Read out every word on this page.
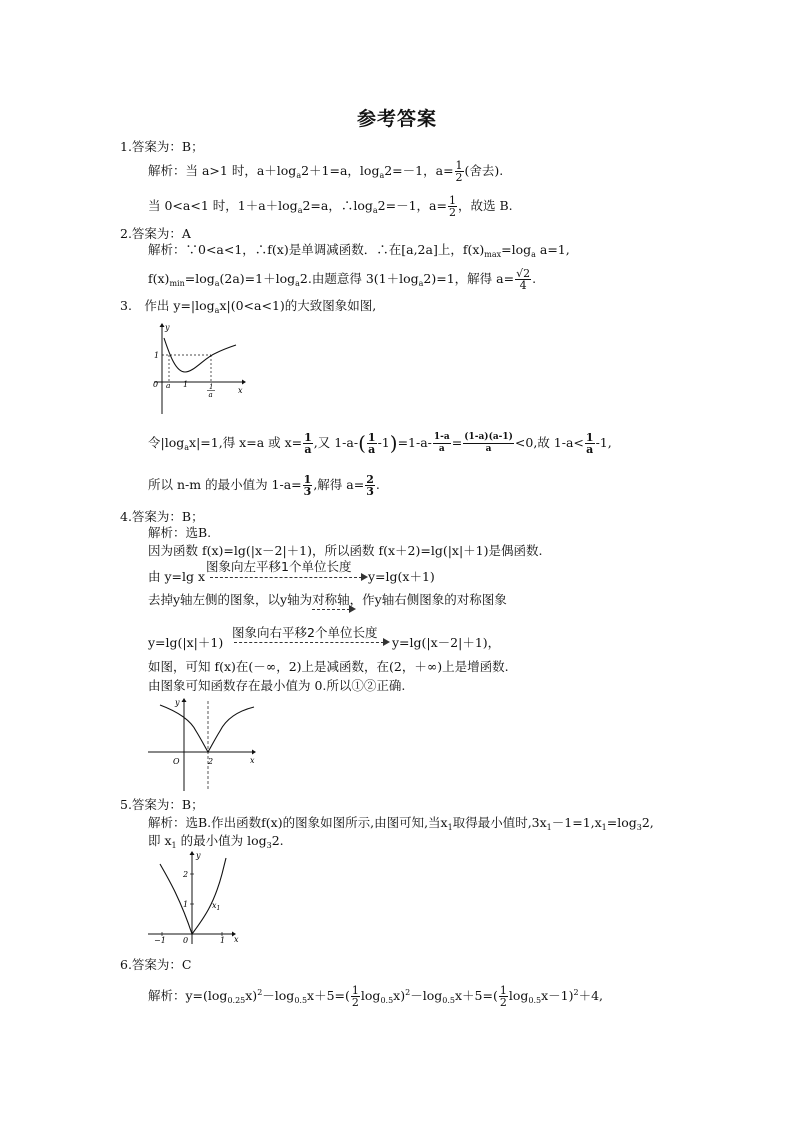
参考答案
1.答案为：B；
解析：当 a>1 时，$a+\log_a2+1=a$，$\log_a2=-1$，$a= \frac{1}{2}$ (舍去).
当 0<a<1 时，$1+a+\log_a2=a$，$\therefore\log_a2=-1$，$a= \frac{1}{2}$ ，故选 B.
2.答案为：A
解析：∵0<a<1，∴f(x)是单调减函数．∴在[a,2a]上，$f(x)_{max}=\log_a$ a=1,
$f(x)_{min}=\log_a(2a)=1+\log_a2$.由题意得 $3(1+\log_a2)=1$，解得 $a= \frac{√2}{4}$ .
3.　作出 $y=|\log_ax|(0<a<1)$的大致图象如图,
y
x
0
1
a 1	1
a
令$|\log_ax|=1$,得 x=a 或 $x= \frac{1}{a}$ ,又 $1-a-( \frac{1}{a} -1)=1-a- \frac{1-a}{a} = \frac{(1-a)(a-1)}{a} <0$,故 $1-a< \frac{1}{a} -1$,
所以 n-m 的最小值为 $1-a= \frac{1}{3}$ ,解得 $a= \frac{2}{3}$ .
4.答案为：B；
解析：选B.
因为函数 f(x)=lg(|x－2|＋1)，所以函数 f(x＋2)=lg(|x|＋1)是偶函数.
由 y=lg x
图象向左平移1个单位长度
y=lg(x＋1)
去掉y轴左侧的图象，以y轴为对称轴
，作y轴右侧图象的对称图象
y=lg(|x|＋1)
图象向右平移2个单位长度
y=lg(|x－2|＋1)，
如图，可知 f(x)在(－∞，2)上是减函数，在(2，＋∞)上是增函数.
由图象可知函数存在最小值为 0.所以①②正确.
y
x
O	2
5.答案为：B；
解析：选B.作出函数f(x)的图象如图所示,由图可知,当$x_1$取得最小值时$,3x_1-1=1,x_1=\log_32$,
即 $x_1$ 的最小值为 $\log_32$.
y
x
2
1
−1 0	1
$x_1$
6.答案为：C
解析：$y=(\log_{0.25}x)^2-\log_{0.5}x+5=( \frac{1}{2} \log_{0.5}x)^2-\log_{0.5}x+5=( \frac{1}{2} \log_{0.5}x-1)^2+4$,
